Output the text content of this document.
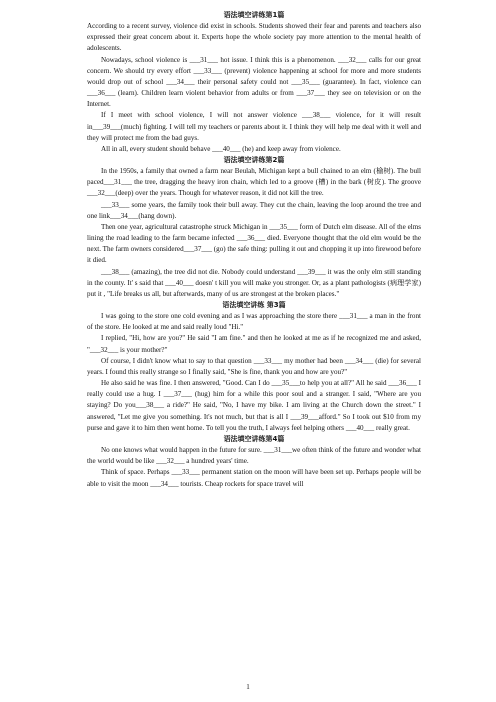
语法填空讲练第1篇

According to a recent survey, violence did exist in schools. Students showed their fear and parents and teachers also expressed their great concern about it. Experts hope the whole society pay more attention to the mental health of adolescents.

Nowadays, school violence is ___31___ hot issue. I think this is a phenomenon. ___32___ calls for our great concern. We should try every effort ___33___ (prevent) violence happening at school for more and more students would drop out of school ___34___ their personal safety could not ___35___ (guarantee). In fact, violence can ___36___ (learn). Children learn violent behavior from adults or from ___37___ they see on television or on the Internet.

If I meet with school violence, I will not answer violence ___38___ violence, for it will result in___39___(much) fighting. I will tell my teachers or parents about it. I think they will help me deal with it well and they will protect me from the bad guys.

All in all, every student should behave ___40___ (he) and keep away from violence.

语法填空讲练第2篇

In the 1950s, a family that owned a farm near Beulah, Michigan kept a bull chained to an elm (榆树). The bull paced___31___ the tree, dragging the heavy iron chain, which led to a groove (槽) in the bark (树皮). The groove ___32___(deep) over the years. Though for whatever reason, it did not kill the tree.

___33___ some years, the family took their bull away. They cut the chain, leaving the loop around the tree and one link___34___(hang down).

Then one year, agricultural catastrophe struck Michigan in ___35___ form of Dutch elm disease. All of the elms lining the road leading to the farm became infected ___36___ died. Everyone thought that the old elm would be the next. The farm owners considered___37___ (go) the safe thing: pulling it out and chopping it up into firewood before it died.

___38___ (amazing), the tree did not die. Nobody could understand ___39___ it was the only elm still standing in the county. It' s said that ___40___ doesn' t kill you will make you stronger. Or, as a plant pathologists (病理学家) put it , "Life breaks us all, but afterwards, many of us are strongest at the broken places."

语法填空讲练 第3篇

I was going to the store one cold evening and as I was approaching the store there ___31___ a man in the front of the store. He looked at me and said really loud "Hi."

I replied, "Hi, how are you?" He said "I am fine." and then he looked at me as if he recognized me and asked, "___32___ is your mother?"

Of course, I didn't know what to say to that question ___33___ my mother had been ___34___ (die) for several years. I found this really strange so I finally said, "She is fine, thank you and how are you?"

He also said he was fine. I then answered, "Good. Can I do ___35___to help you at all?" All he said ___36___ I really could use a hug. I ___37___ (hug) him for a while this poor soul and a stranger. I said, "Where are you staying? Do you___38___ a ride?" He said, "No, I have my bike. I am living at the Church down the street." I answered, "Let me give you something. It's not much, but that is all I ___39___afford." So I took out $10 from my purse and gave it to him then went home. To tell you the truth, I always feel helping others ___40___ really great.

语法填空讲练第4篇

No one knows what would happen in the future for sure. ___31___we often think of the future and wonder what the world would be like ___32___ a hundred years' time.

Think of space. Perhaps ___33___ permanent station on the moon will have been set up. Perhaps people will be able to visit the moon ___34___ tourists. Cheap rockets for space travel will

1
